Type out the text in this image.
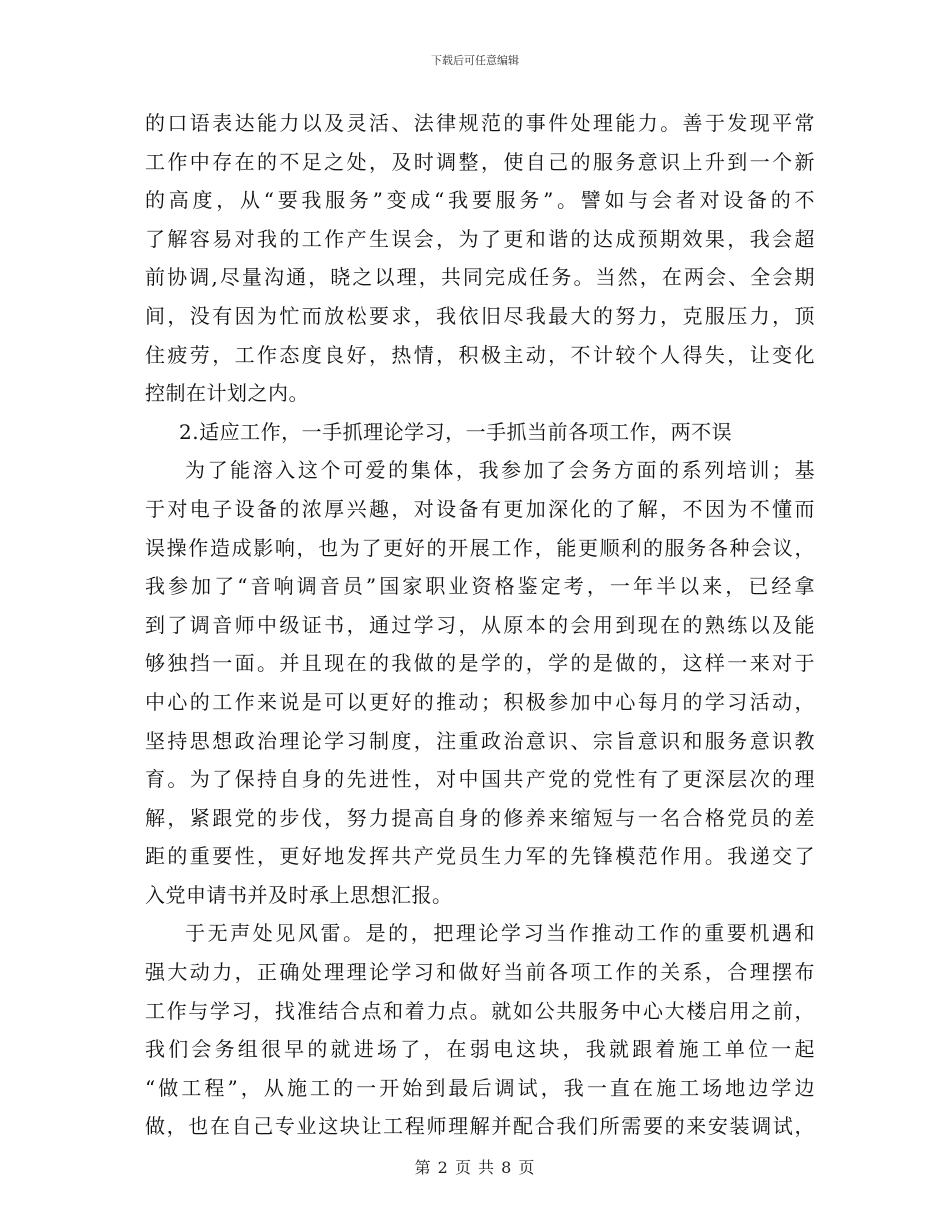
下载后可任意编辑
的口语表达能力以及灵活、法律规范的事件处理能力。善于发现平常
工作中存在的不足之处，及时调整，使自己的服务意识上升到一个新
的高度，从“要我服务”变成“我要服务”。譬如与会者对设备的不
了解容易对我的工作产生误会，为了更和谐的达成预期效果，我会超
前协调,尽量沟通，晓之以理，共同完成任务。当然，在两会、全会期
间，没有因为忙而放松要求，我依旧尽我最大的努力，克服压力，顶
住疲劳，工作态度良好，热情，积极主动，不计较个人得失，让变化
控制在计划之内。
2.适应工作，一手抓理论学习，一手抓当前各项工作，两不误
为了能溶入这个可爱的集体，我参加了会务方面的系列培训；基
于对电子设备的浓厚兴趣，对设备有更加深化的了解，不因为不懂而
误操作造成影响，也为了更好的开展工作，能更顺利的服务各种会议，
我参加了“音响调音员”国家职业资格鉴定考，一年半以来，已经拿
到了调音师中级证书，通过学习，从原本的会用到现在的熟练以及能
够独挡一面。并且现在的我做的是学的，学的是做的，这样一来对于
中心的工作来说是可以更好的推动；积极参加中心每月的学习活动，
坚持思想政治理论学习制度，注重政治意识、宗旨意识和服务意识教
育。为了保持自身的先进性，对中国共产党的党性有了更深层次的理
解，紧跟党的步伐，努力提高自身的修养来缩短与一名合格党员的差
距的重要性，更好地发挥共产党员生力军的先锋模范作用。我递交了
入党申请书并及时承上思想汇报。
于无声处见风雷。是的，把理论学习当作推动工作的重要机遇和
强大动力，正确处理理论学习和做好当前各项工作的关系，合理摆布
工作与学习，找准结合点和着力点。就如公共服务中心大楼启用之前，
我们会务组很早的就进场了，在弱电这块，我就跟着施工单位一起
“做工程”，从施工的一开始到最后调试，我一直在施工场地边学边
做，也在自己专业这块让工程师理解并配合我们所需要的来安装调试，
第 2 页 共 8 页
